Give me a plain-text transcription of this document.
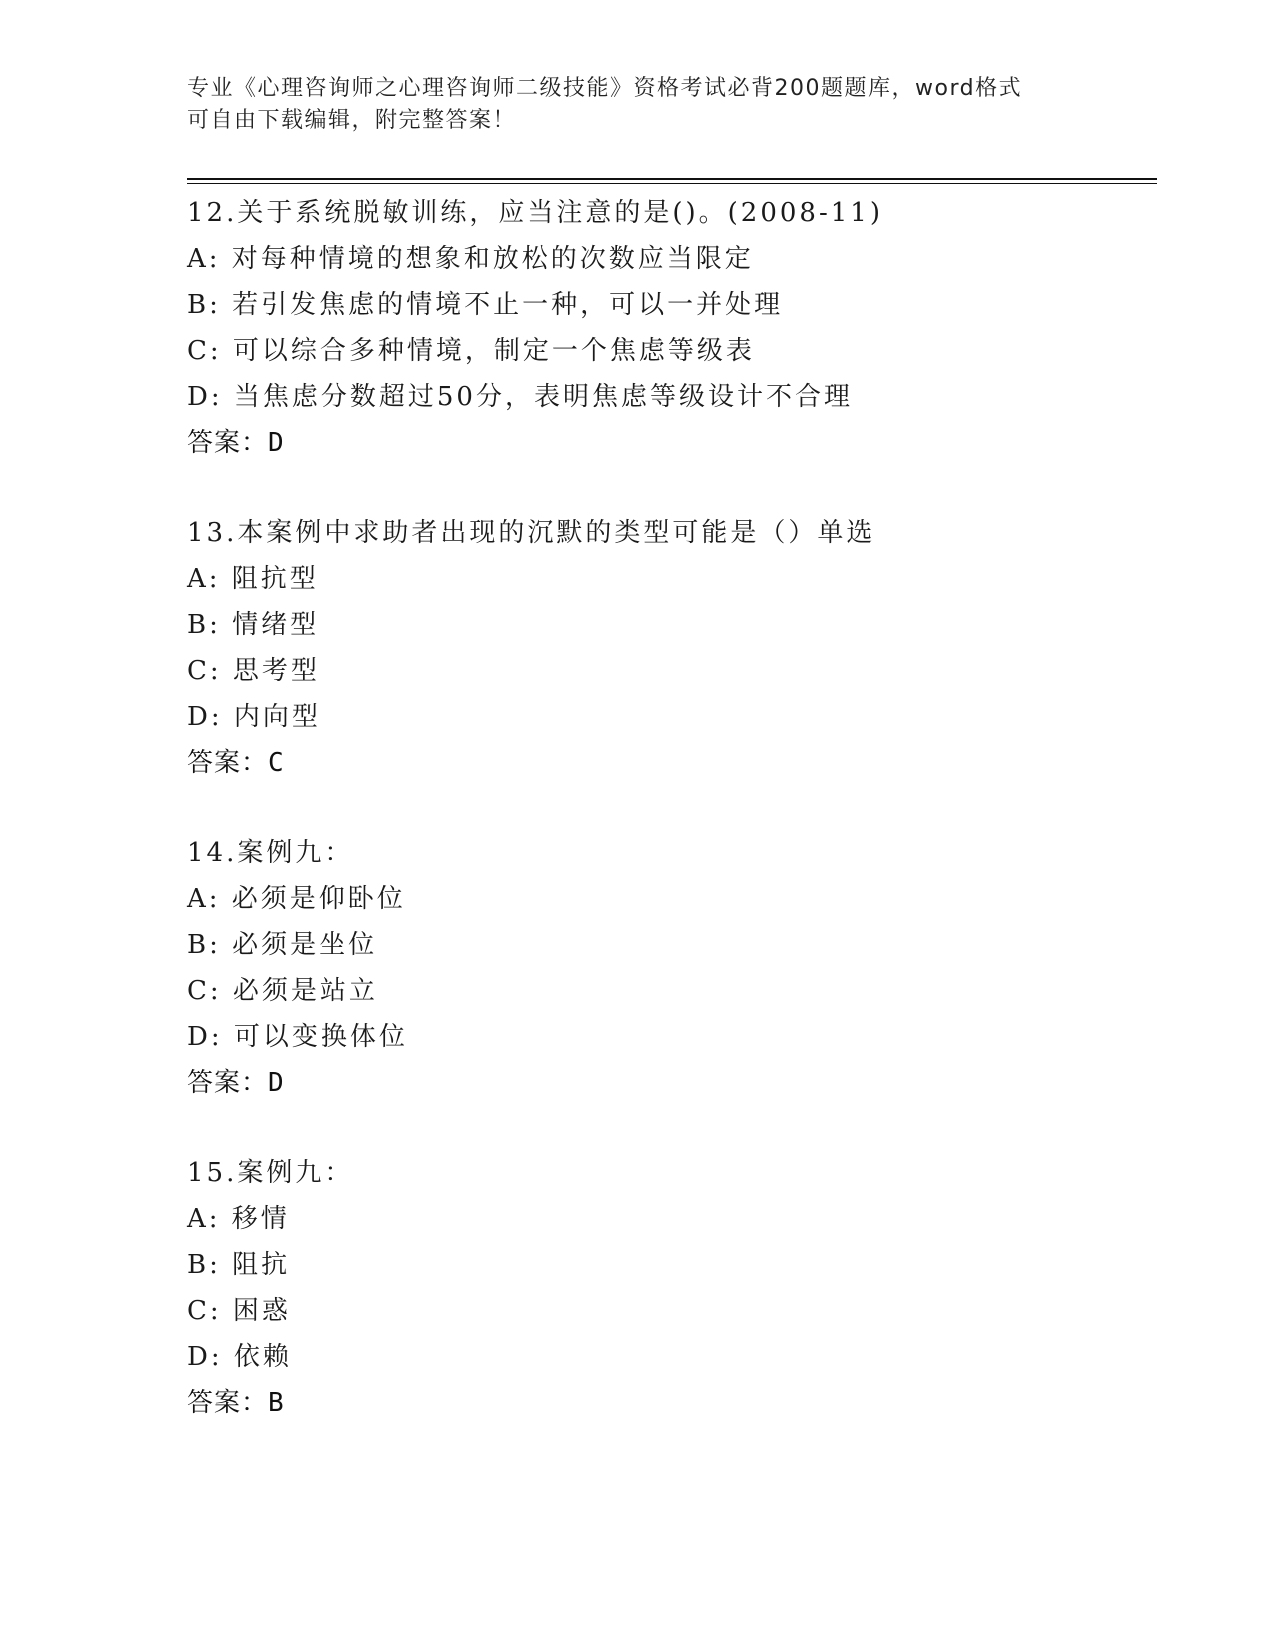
专业《心理咨询师之心理咨询师二级技能》资格考试必背200题题库，word格式
可自由下载编辑，附完整答案！
12.关于系统脱敏训练，应当注意的是()。(2008-11)
A: 对每种情境的想象和放松的次数应当限定
B: 若引发焦虑的情境不止一种，可以一并处理
C: 可以综合多种情境，制定一个焦虑等级表
D: 当焦虑分数超过50分，表明焦虑等级设计不合理
答案：D
13.本案例中求助者出现的沉默的类型可能是（）单选
A: 阻抗型
B: 情绪型
C: 思考型
D: 内向型
答案：C
14.案例九：
A: 必须是仰卧位
B: 必须是坐位
C: 必须是站立
D: 可以变换体位
答案：D
15.案例九：
A: 移情
B: 阻抗
C: 困惑
D: 依赖
答案：B
